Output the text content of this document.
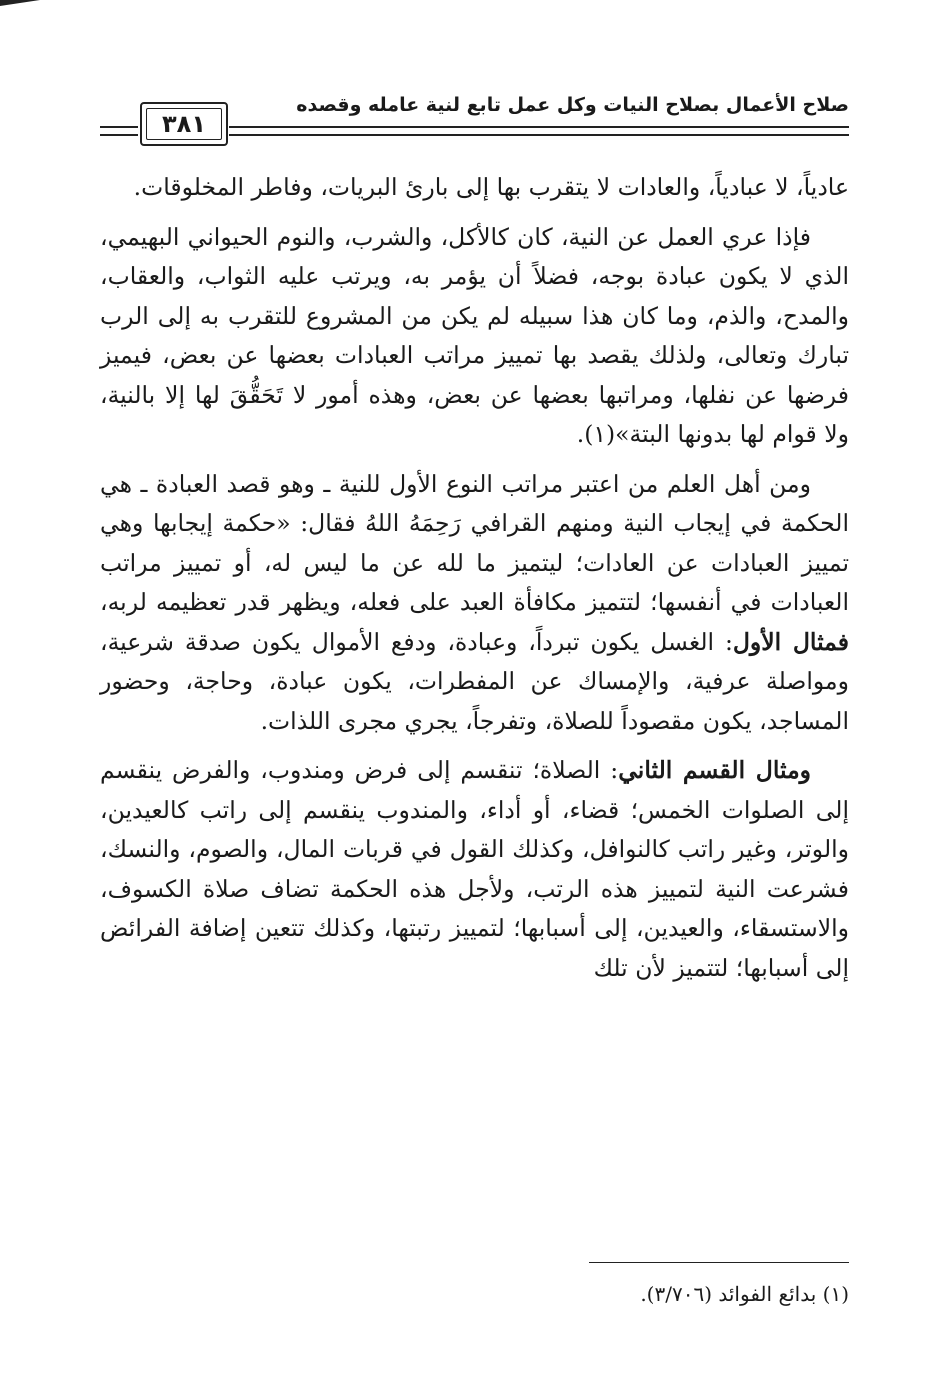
صلاح الأعمال بصلاح النيات وكل عمل تابع لنية عامله وقصده
٣٨١

عادياً، لا عبادياً، والعادات لا يتقرب بها إلى بارئ البريات، وفاطر المخلوقات.

فإذا عري العمل عن النية، كان كالأكل، والشرب، والنوم الحيواني البهيمي، الذي لا يكون عبادة بوجه، فضلاً أن يؤمر به، ويرتب عليه الثواب، والعقاب، والمدح، والذم، وما كان هذا سبيله لم يكن من المشروع للتقرب به إلى الرب تبارك وتعالى، ولذلك يقصد بها تمييز مراتب العبادات بعضها عن بعض، فيميز فرضها عن نفلها، ومراتبها بعضها عن بعض، وهذه أمور لا تَحَقُّقَ لها إلا بالنية، ولا قوام لها بدونها البتة»(١).

ومن أهل العلم من اعتبر مراتب النوع الأول للنية ـ وهو قصد العبادة ـ هي الحكمة في إيجاب النية ومنهم القرافي رَحِمَهُ اللهُ فقال: «حكمة إيجابها وهي تمييز العبادات عن العادات؛ ليتميز ما لله عن ما ليس له، أو تمييز مراتب العبادات في أنفسها؛ لتتميز مكافأة العبد على فعله، ويظهر قدر تعظيمه لربه، فمثال الأول: الغسل يكون تبرداً، وعبادة، ودفع الأموال يكون صدقة شرعية، ومواصلة عرفية، والإمساك عن المفطرات، يكون عبادة، وحاجة، وحضور المساجد، يكون مقصوداً للصلاة، وتفرجاً، يجري مجرى اللذات.

ومثال القسم الثاني: الصلاة؛ تنقسم إلى فرض ومندوب، والفرض ينقسم إلى الصلوات الخمس؛ قضاء، أو أداء، والمندوب ينقسم إلى راتب كالعيدين، والوتر، وغير راتب كالنوافل، وكذلك القول في قربات المال، والصوم، والنسك، فشرعت النية لتمييز هذه الرتب، ولأجل هذه الحكمة تضاف صلاة الكسوف، والاستسقاء، والعيدين، إلى أسبابها؛ لتمييز رتبتها، وكذلك تتعين إضافة الفرائض إلى أسبابها؛ لتتميز لأن تلك

(١) بدائع الفوائد (٣/٧٠٦).
